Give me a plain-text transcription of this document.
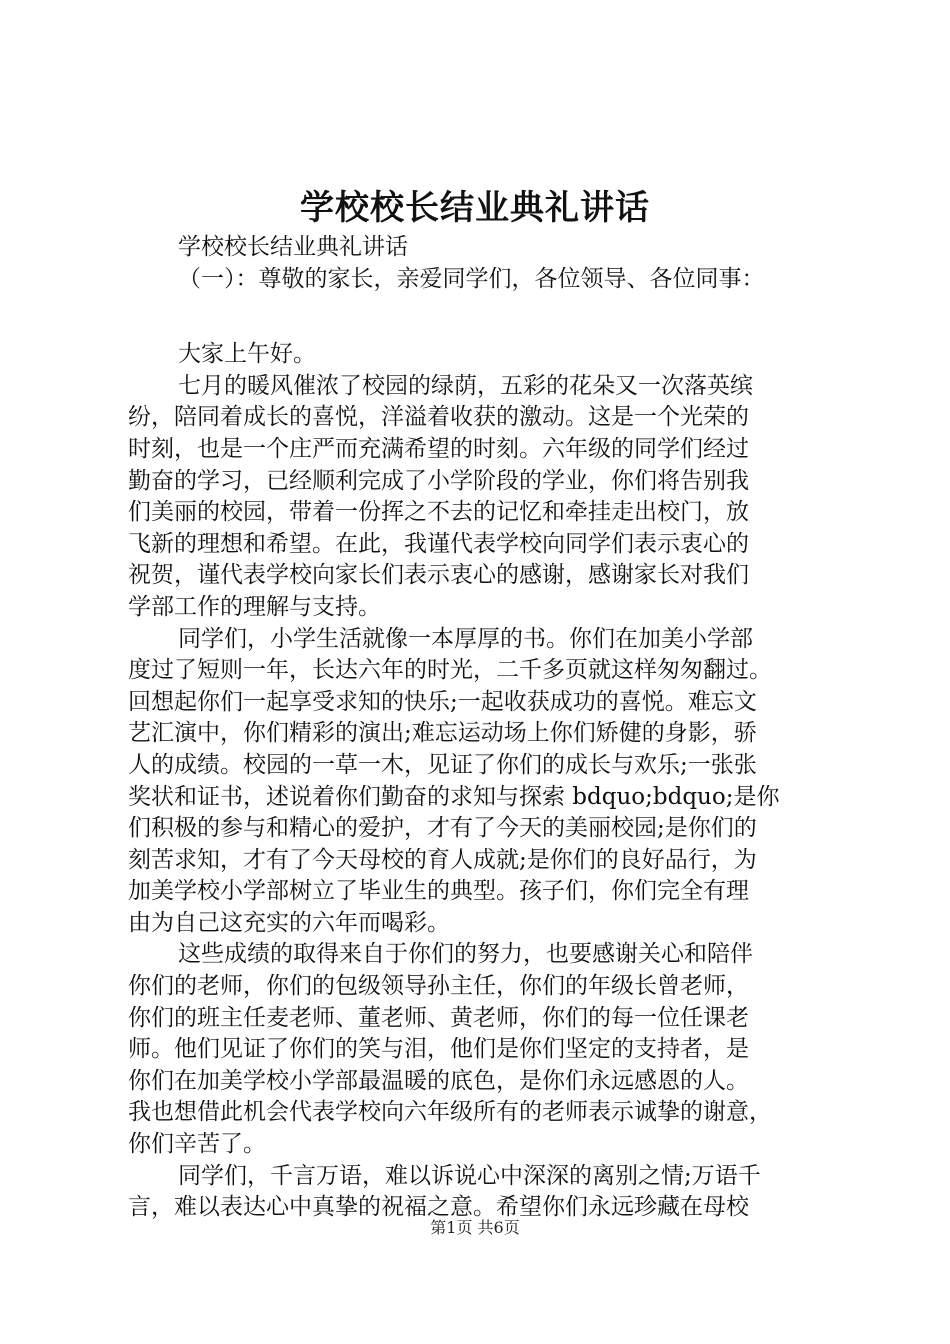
学校校长结业典礼讲话
学校校长结业典礼讲话
（一）：尊敬的家长，亲爱同学们，各位领导、各位同事：
大家上午好。
七月的暖风催浓了校园的绿荫，五彩的花朵又一次落英缤
纷，陪同着成长的喜悦，洋溢着收获的激动。这是一个光荣的
时刻，也是一个庄严而充满希望的时刻。六年级的同学们经过
勤奋的学习，已经顺利完成了小学阶段的学业，你们将告别我
们美丽的校园，带着一份挥之不去的记忆和牵挂走出校门，放
飞新的理想和希望。在此，我谨代表学校向同学们表示衷心的
祝贺，谨代表学校向家长们表示衷心的感谢，感谢家长对我们
学部工作的理解与支持。
同学们，小学生活就像一本厚厚的书。你们在加美小学部
度过了短则一年，长达六年的时光，二千多页就这样匆匆翻过。
回想起你们一起享受求知的快乐;一起收获成功的喜悦。难忘文
艺汇演中，你们精彩的演出;难忘运动场上你们矫健的身影，骄
人的成绩。校园的一草一木，见证了你们的成长与欢乐;一张张
奖状和证书，述说着你们勤奋的求知与探索 bdquo;bdquo;是你
们积极的参与和精心的爱护，才有了今天的美丽校园;是你们的
刻苦求知，才有了今天母校的育人成就;是你们的良好品行，为
加美学校小学部树立了毕业生的典型。孩子们，你们完全有理
由为自己这充实的六年而喝彩。
这些成绩的取得来自于你们的努力，也要感谢关心和陪伴
你们的老师，你们的包级领导孙主任，你们的年级长曾老师，
你们的班主任麦老师、董老师、黄老师，你们的每一位任课老
师。他们见证了你们的笑与泪，他们是你们坚定的支持者，是
你们在加美学校小学部最温暖的底色，是你们永远感恩的人。
我也想借此机会代表学校向六年级所有的老师表示诚挚的谢意，
你们辛苦了。
同学们，千言万语，难以诉说心中深深的离别之情;万语千
言，难以表达心中真挚的祝福之意。希望你们永远珍藏在母校
第1页 共6页
